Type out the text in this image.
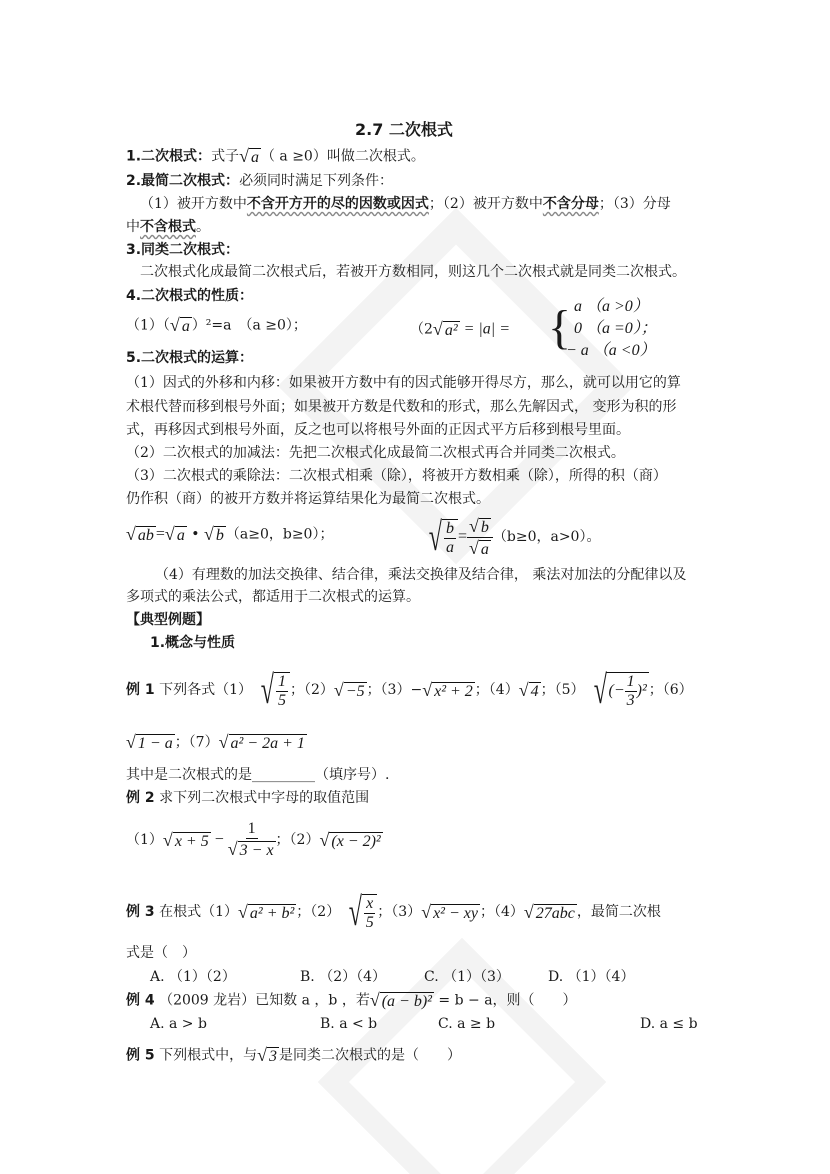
2.7 二次根式
1.二次根式：式子 √ a （ a ≥0）叫做二次根式。
2.最简二次根式：必须同时满足下列条件：
（1）被开方数中不含开方开的尽的因数或因式；（2）被开方数中不含分母；（3）分母
中不含根式。
3.同类二次根式：
二次根式化成最简二次根式后，若被开方数相同，则这几个二次根式就是同类二次根式。
4.二次根式的性质：
（1）（ √ a ）²=a　（a ≥0）；	（2 √ a² = |a| = { a （a >0）
0 （a =0）；
− a （a <0）
5.二次根式的运算：
（1）因式的外移和内移：如果被开方数中有的因式能够开得尽方，那么，就可以用它的算
术根代替而移到根号外面；如果被开方数是代数和的形式，那么先解因式， 变形为积的形
式，再移因式到根号外面，反之也可以将根号外面的正因式平方后移到根号里面。
（2）二次根式的加减法：先把二次根式化成最简二次根式再合并同类二次根式。
（3）二次根式的乘除法：二次根式相乘（除），将被开方数相乘（除），所得的积（商）
仍作积（商）的被开方数并将运算结果化为最简二次根式。
√ ab = √ a • √ b （a≥0，b≥0）； √ $\frac{b}{a} = \frac{√ b}{√ a} (b\ge 0$，a>0）。
（4）有理数的加法交换律、结合律，乘法交换律及结合律， 乘法对加法的分配律以及
多项式的乘法公式，都适用于二次根式的运算。
【典型例题】
1.概念与性质
例 1 下列各式（1） √ $\frac{1}{5}$ ；（2） √ −5 ；（3）− √ x² + 2 ；（4） √ 4 ；（5） √ (− $\frac{1}{3} )^2$ ；（6）
√ 1 − a ；（7） √ a² − 2a + 1
其中是二次根式的是_________（填序号）.
例 2 求下列二次根式中字母的取值范围
（1） √ $x + 5 - \frac{1}{√ 3 - x}$ ；（2） √ (x − 2)²
例 3 在根式（1） √ a² + b² ；（2） √ $\frac{x}{5}$ ；（3） √ x² − xy ；（4） √ 27abc ，最简二次根
式是（　）
A. （1）（2）	B. （2）（4）	C. （1）（3）	D. （1）（4）
例 4 （2009 龙岩）已知数 a ，b ，若 √ (a − b)² = b − a，则（　　）
A. a > b	B. a < b	C. a ≥ b	D. a ≤ b
例 5 下列根式中，与 √ 3 是同类二次根式的是（　　）
